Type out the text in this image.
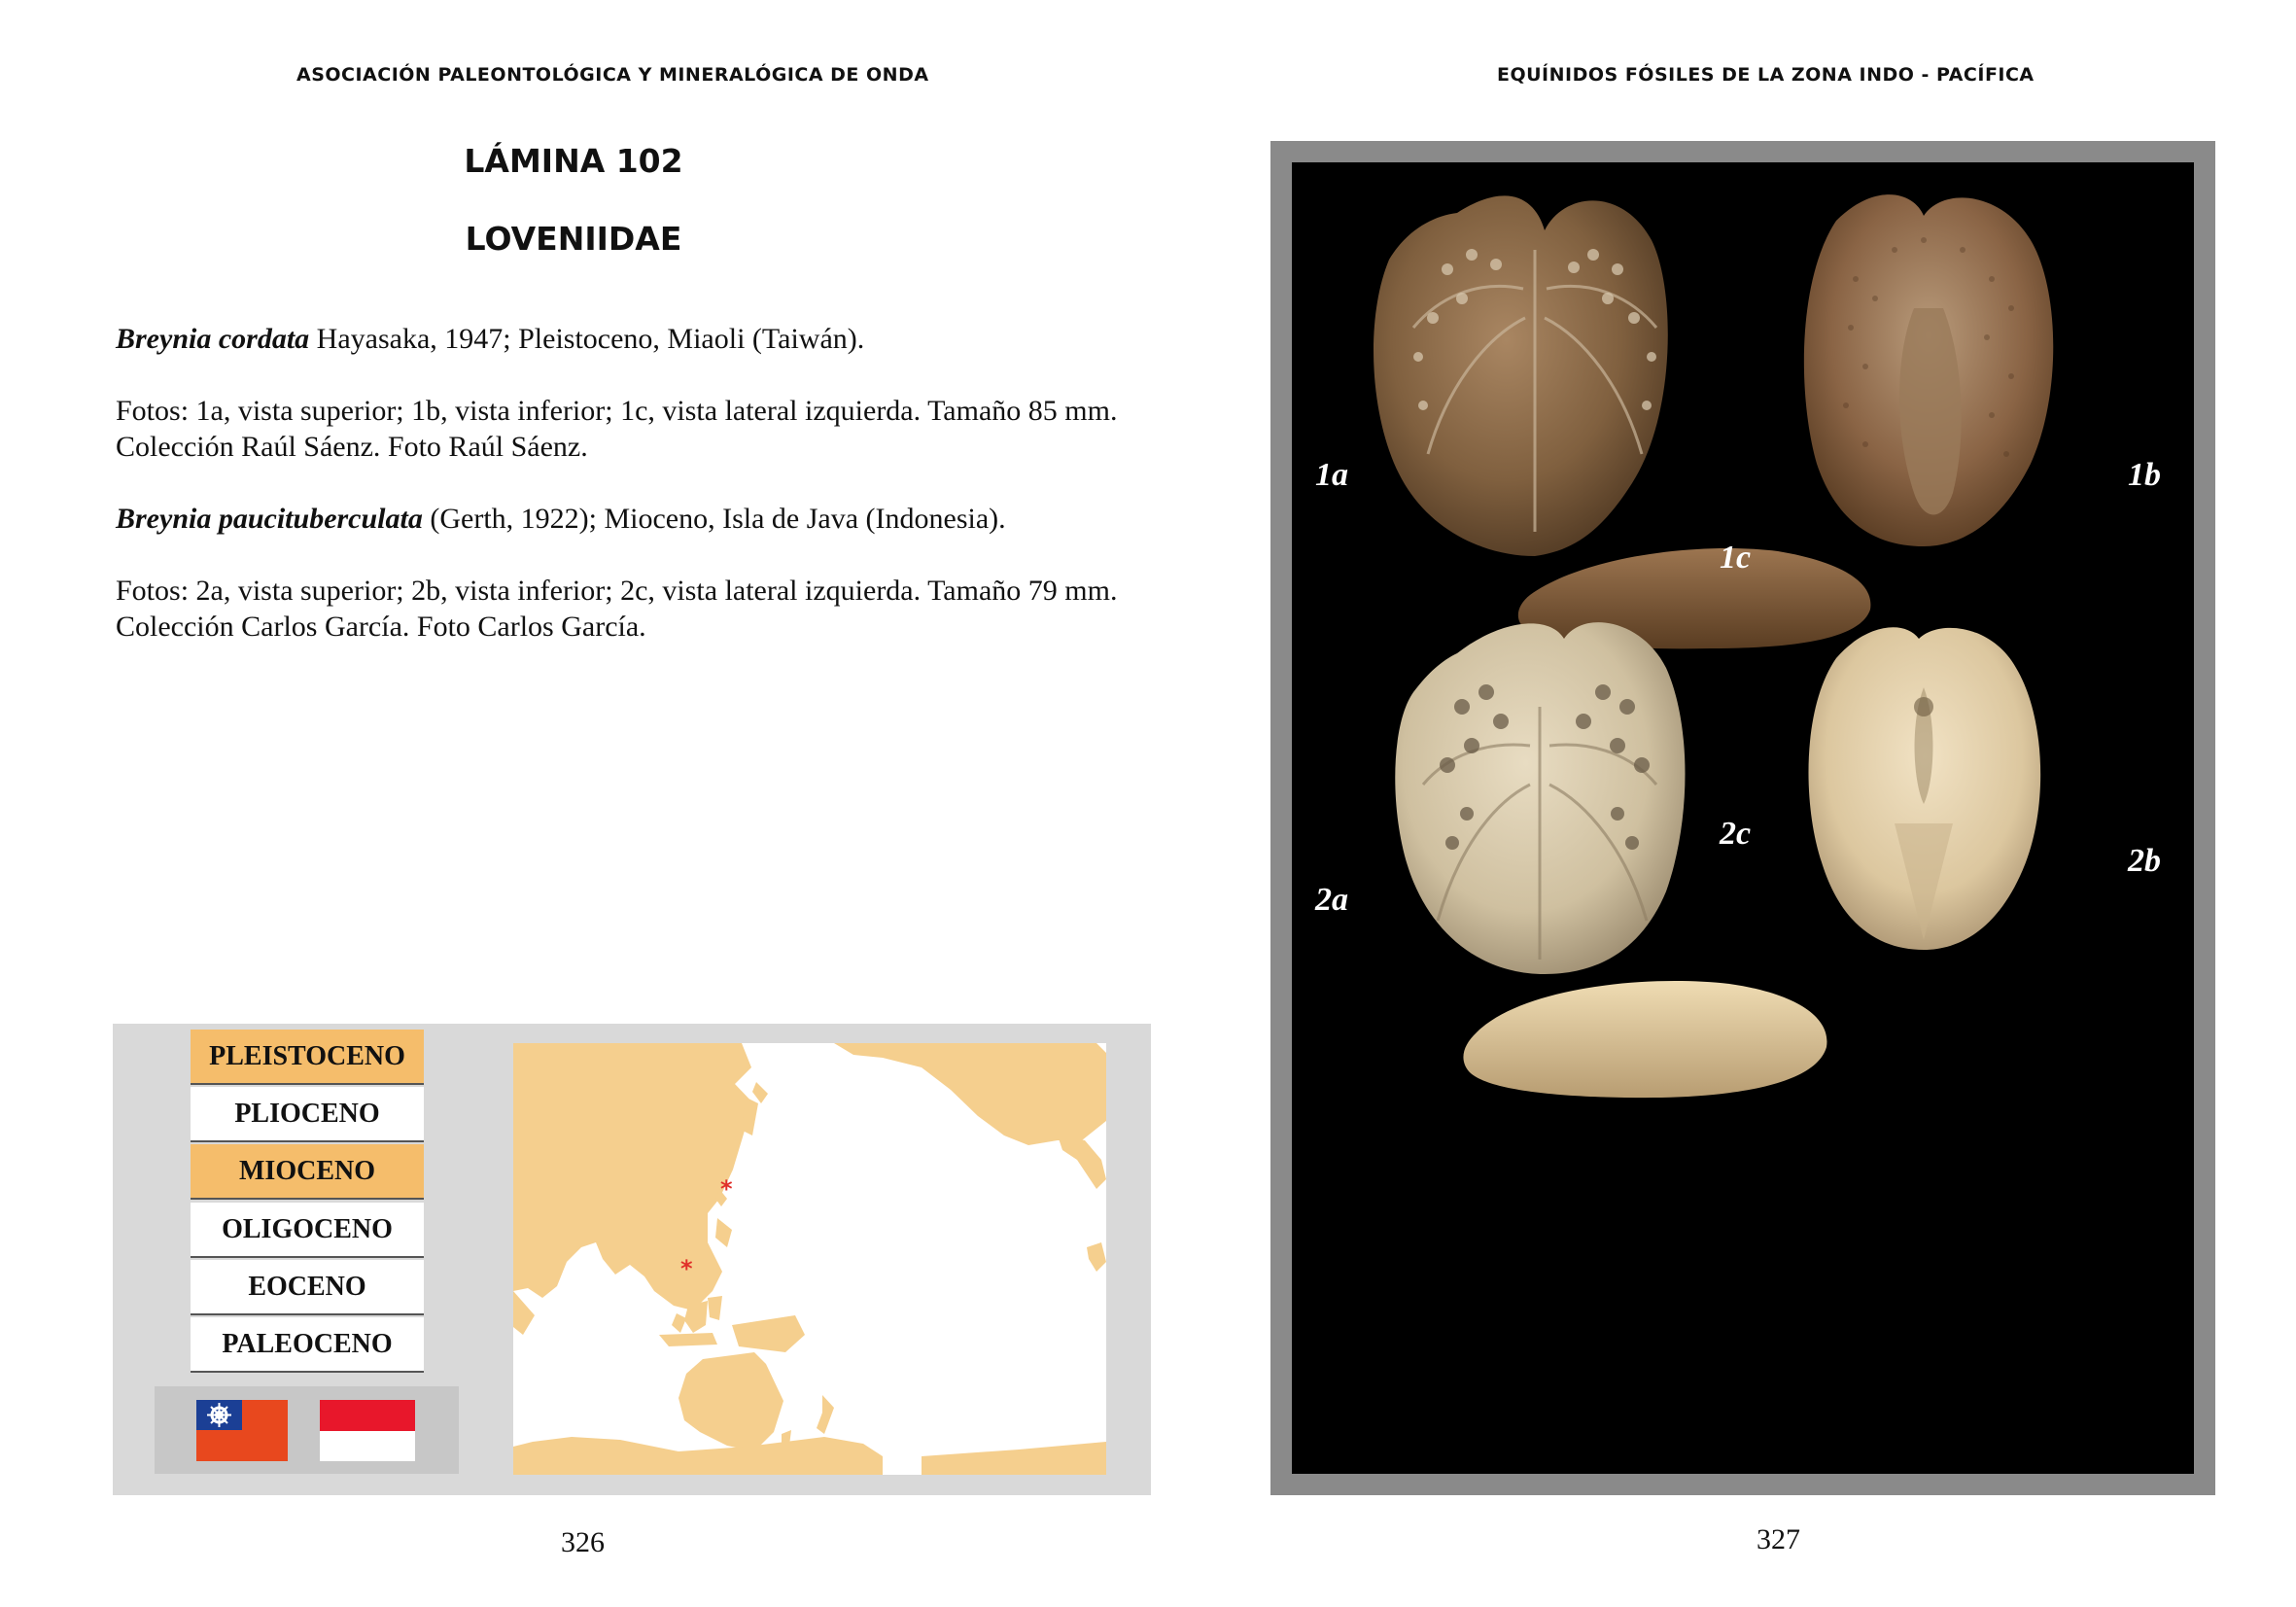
ASOCIACIÓN PALEONTOLÓGICA Y MINERALÓGICA DE ONDA	EQUÍNIDOS FÓSILES DE LA ZONA INDO - PACÍFICA
LÁMINA 102
LOVENIIDAE

Breynia cordata Hayasaka, 1947; Pleistoceno, Miaoli (Taiwán).

Fotos: 1a, vista superior; 1b, vista inferior; 1c, vista lateral izquierda. Tamaño 85 mm.
Colección Raúl Sáenz. Foto Raúl Sáenz.

Breynia paucituberculata (Gerth, 1922); Mioceno, Isla de Java (Indonesia).

Fotos: 2a, vista superior; 2b, vista inferior; 2c, vista lateral izquierda. Tamaño 79 mm.
Colección Carlos García. Foto Carlos García.

PLEISTOCENO
PLIOCENO
MIOCENO
OLIGOCENO
EOCENO
PALEOCENO
*
*
1a	1b
1c
2a
2b
2c
326	327
